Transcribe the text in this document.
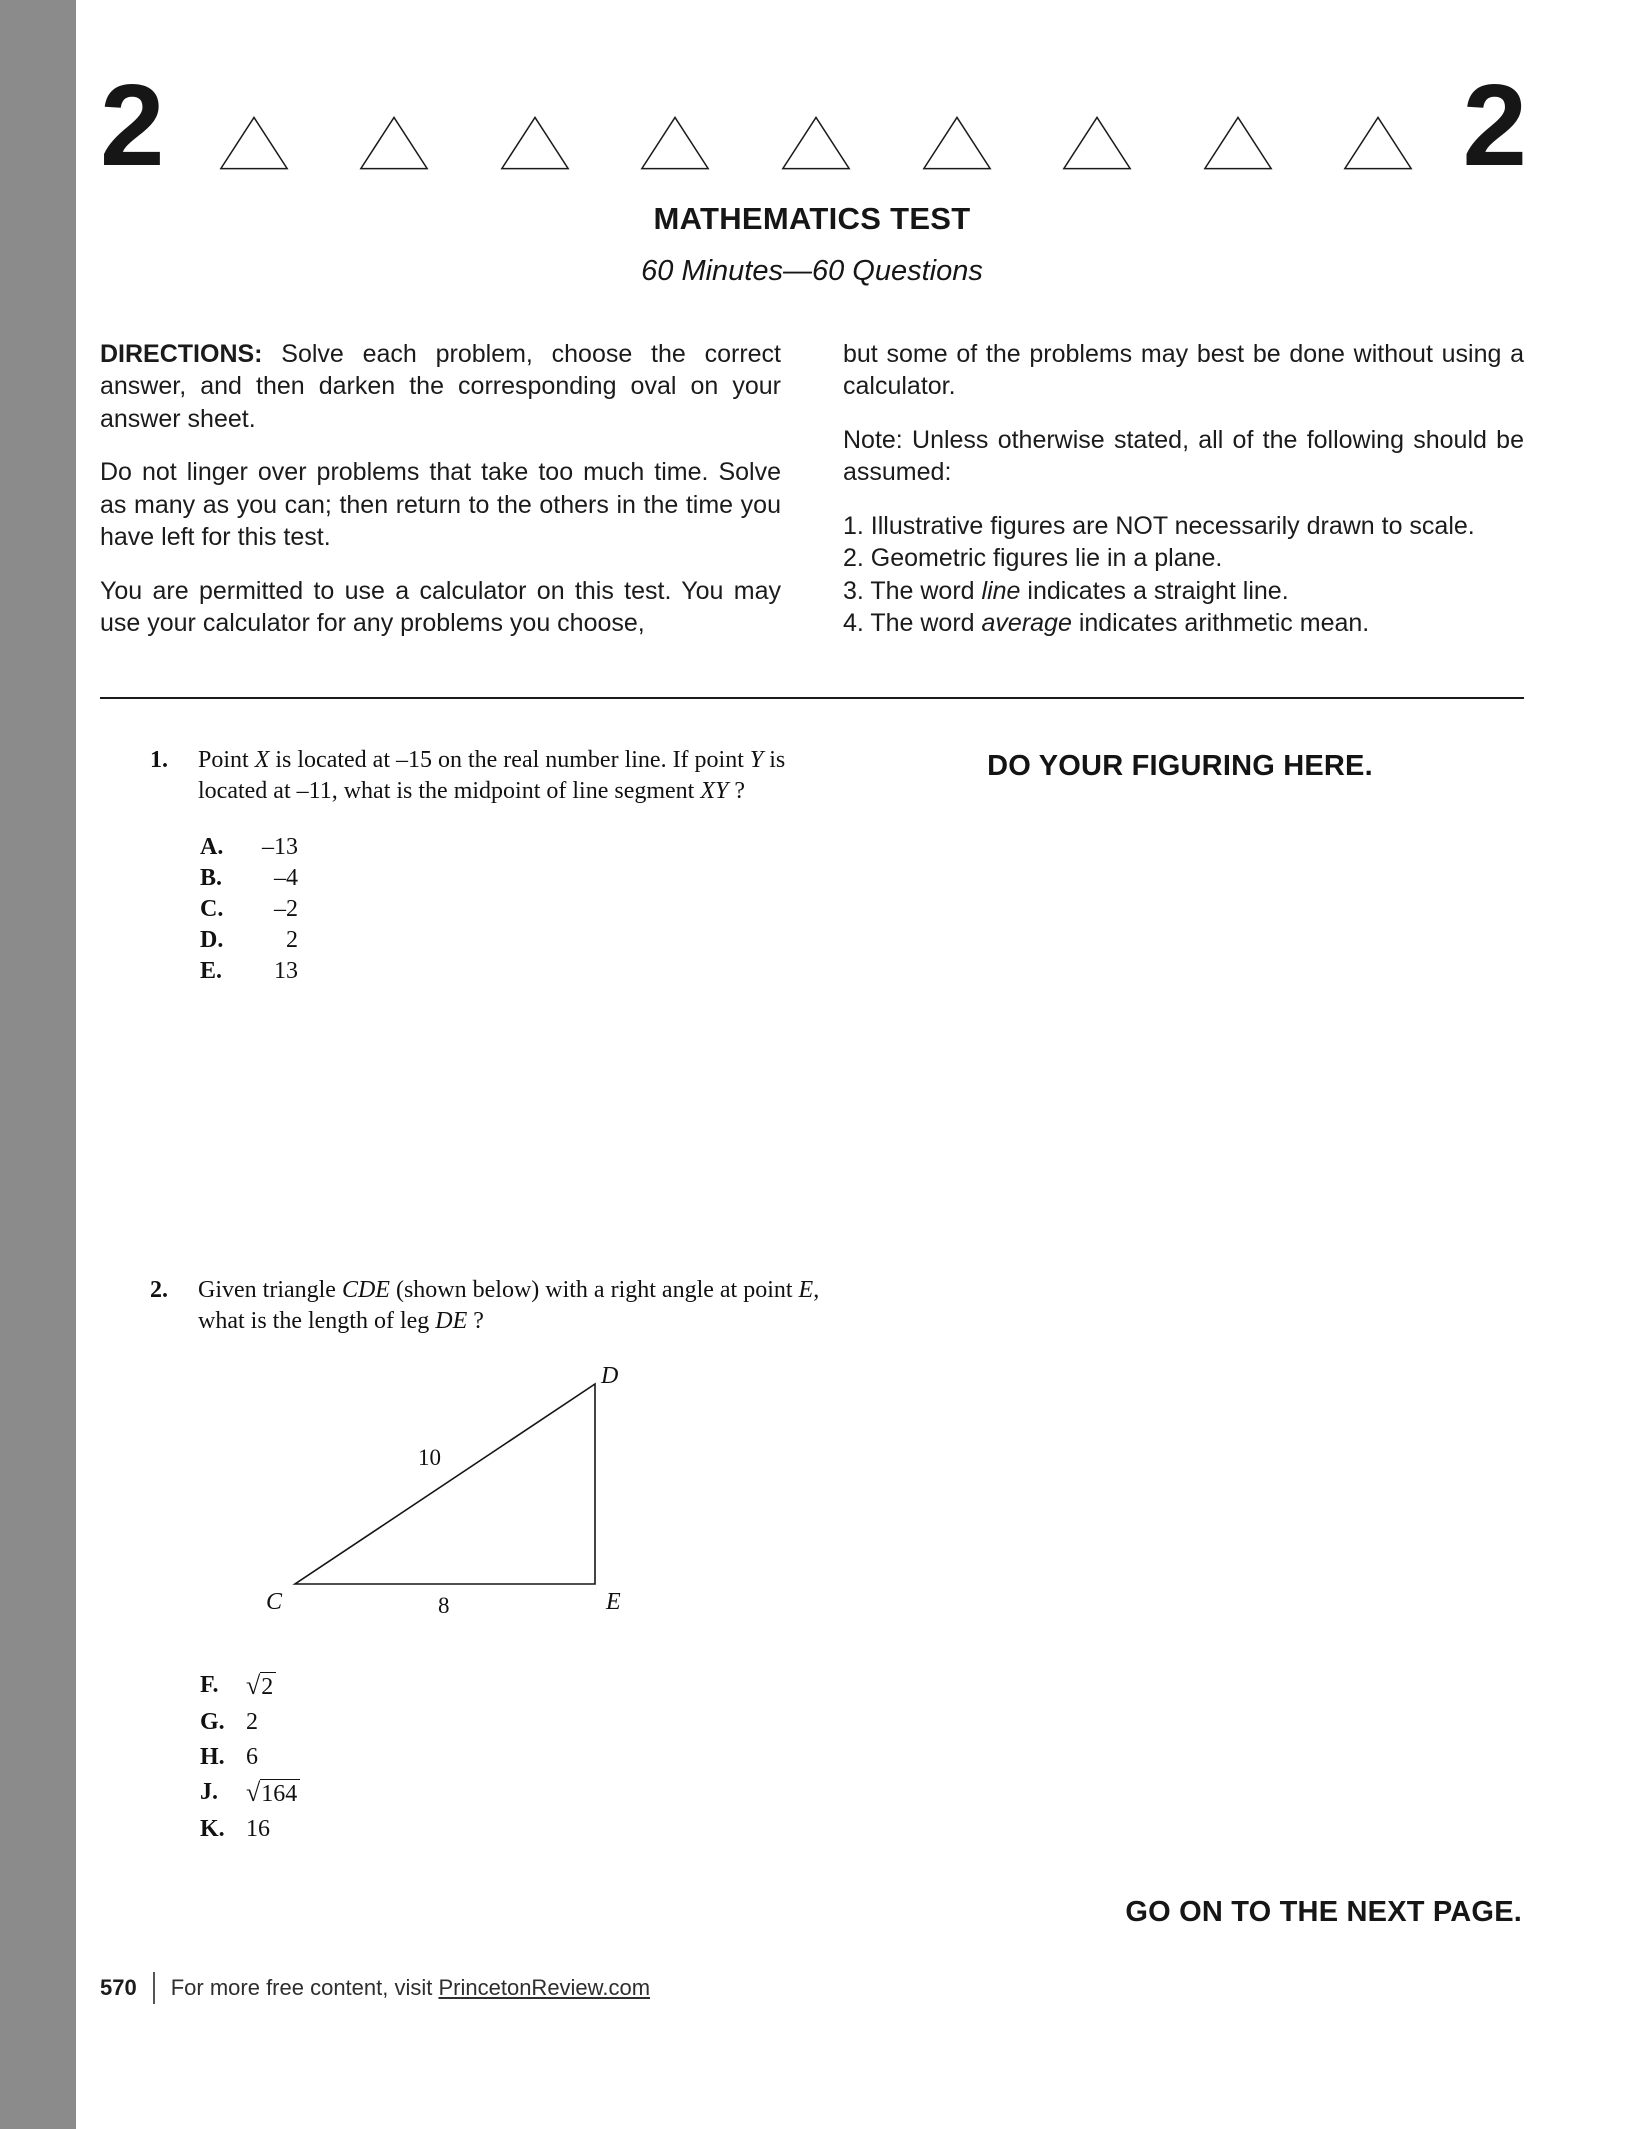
2	2
MATHEMATICS TEST
60 Minutes—60 Questions

DIRECTIONS: Solve each problem, choose the correct answer, and then darken the corresponding oval on your answer sheet.

Do not linger over problems that take too much time. Solve as many as you can; then return to the others in the time you have left for this test.

You are permitted to use a calculator on this test. You may use your calculator for any problems you choose,

but some of the problems may best be done without using a calculator.

Note: Unless otherwise stated, all of the following should be assumed:

1. Illustrative figures are NOT necessarily drawn to scale.
2. Geometric figures lie in a plane.
3. The word line indicates a straight line.
4. The word average indicates arithmetic mean.
DO YOUR FIGURING HERE.
1.	Point X is located at –15 on the real number line. If point Y is located at –11, what is the midpoint of line segment XY ?
A.	–13
B.	–4
C.	–2
D.	2
E.	13
2.	Given triangle CDE (shown below) with a right angle at point E, what is the length of leg DE ?
D
C	E
10
8
F.	√2
G. 2
H. 6
J.	√164
K. 16
GO ON TO THE NEXT PAGE.
570 For more free content, visit PrincetonReview.com
